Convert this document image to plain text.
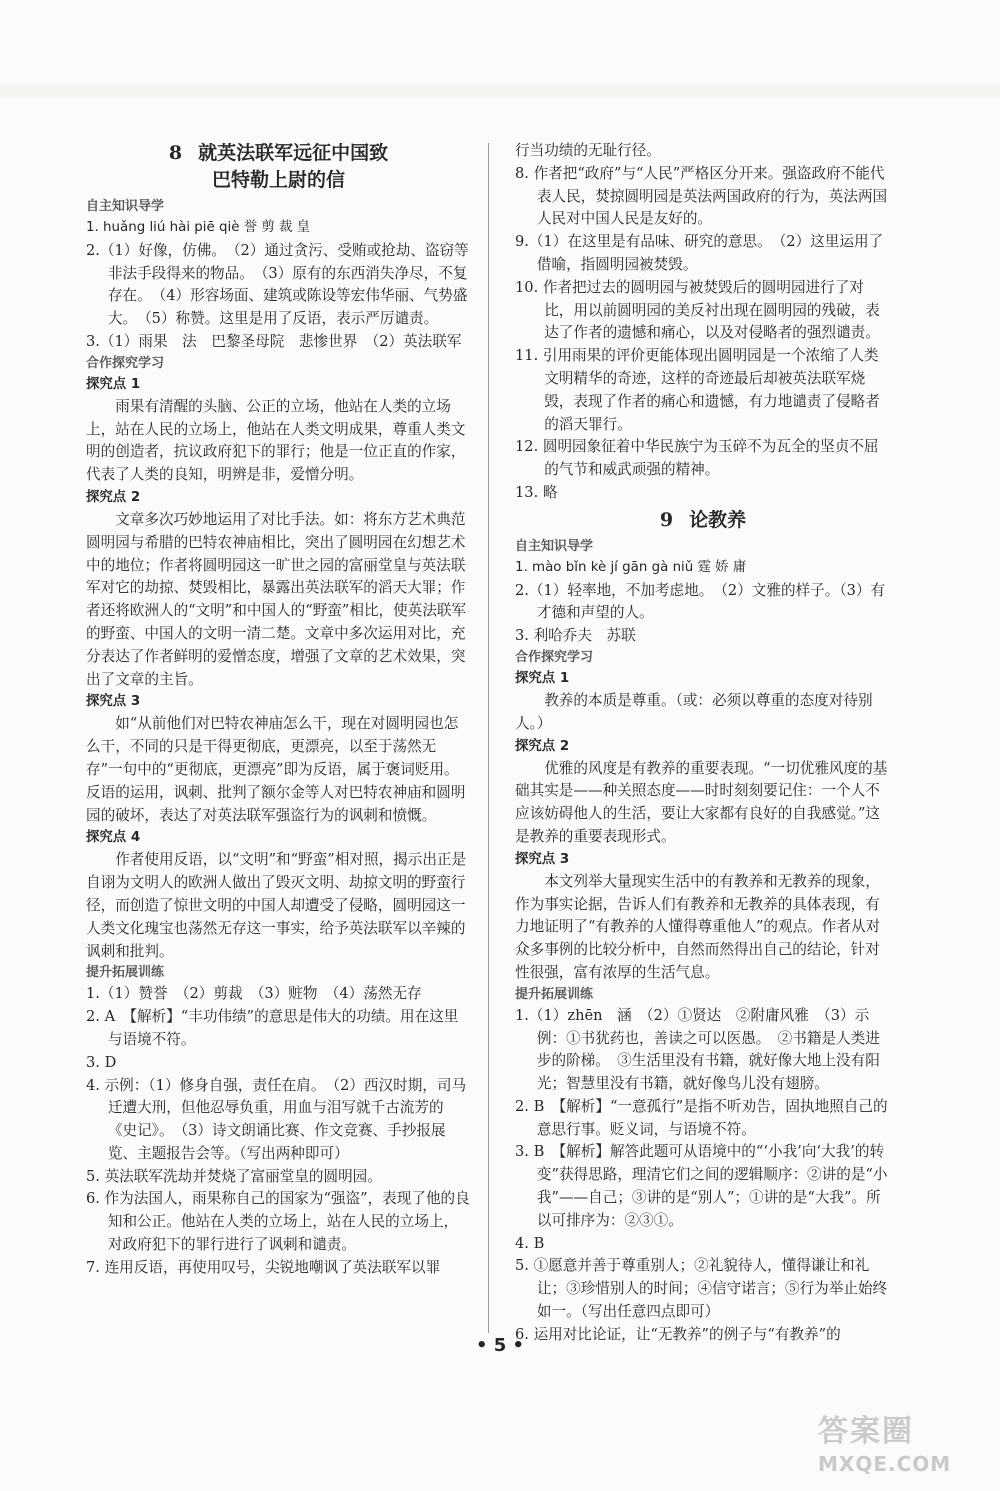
8 就英法联军远征中国致
巴特勒上尉的信
自主知识导学

1. huǎng liú hài piē qiè 誉 剪 裁 皇

2.（1）好像，仿佛。　（2）通过贪污、受贿或抢劫、盗窃等非法手段得来的物品。　（3）原有的东西消失净尽，不复存在。　（4）形容场面、建筑或陈设等宏伟华丽、气势盛大。　（5）称赞。这里是用了反语，表示严厉谴责。

3.（1）雨果　法　巴黎圣母院　悲惨世界　（2）英法联军

合作探究学习
探究点 1

雨果有清醒的头脑、公正的立场，他站在人类的立场上，站在人民的立场上，他站在人类文明成果，尊重人类文明的创造者，抗议政府犯下的罪行；他是一位正直的作家，代表了人类的良知，明辨是非，爱憎分明。

探究点 2

文章多次巧妙地运用了对比手法。如：将东方艺术典范圆明园与希腊的巴特农神庙相比，突出了圆明园在幻想艺术中的地位；作者将圆明园这一旷世之园的富丽堂皇与英法联军对它的劫掠、焚毁相比，暴露出英法联军的滔天大罪；作者还将欧洲人的“文明”和中国人的“野蛮”相比，使英法联军的野蛮、中国人的文明一清二楚。文章中多次运用对比，充分表达了作者鲜明的爱憎态度，增强了文章的艺术效果，突出了文章的主旨。

探究点 3

如“从前他们对巴特农神庙怎么干，现在对圆明园也怎么干，不同的只是干得更彻底，更漂亮，以至于荡然无存”一句中的“更彻底，更漂亮”即为反语，属于褒词贬用。反语的运用，讽刺、批判了额尔金等人对巴特农神庙和圆明园的破坏，表达了对英法联军强盗行为的讽刺和愤慨。

探究点 4

作者使用反语，以“文明”和“野蛮”相对照，揭示出正是自诩为文明人的欧洲人做出了毁灭文明、劫掠文明的野蛮行径，而创造了惊世文明的中国人却遭受了侵略，圆明园这一人类文化瑰宝也荡然无存这一事实，给予英法联军以辛辣的讽刺和批判。

提升拓展训练

1.（1）赞誉　（2）剪裁　（3）赃物　（4）荡然无存

2. A　【解析】“丰功伟绩”的意思是伟大的功绩。用在这里与语境不符。

3. D

4. 示例：（1）修身自强，责任在肩。　（2）西汉时期，司马迁遭大刑，但他忍辱负重，用血与泪写就千古流芳的《史记》。　（3）诗文朗诵比赛、作文竞赛、手抄报展览、主题报告会等。（写出两种即可）

5. 英法联军洗劫并焚烧了富丽堂皇的圆明园。

6. 作为法国人，雨果称自己的国家为“强盗”，表现了他的良知和公正。他站在人类的立场上，站在人民的立场上，对政府犯下的罪行进行了讽刺和谴责。

7. 连用反语，再使用叹号，尖锐地嘲讽了英法联军以罪

行当功绩的无耻行径。

8. 作者把“政府”与“人民”严格区分开来。强盗政府不能代表人民，焚掠圆明园是英法两国政府的行为，英法两国人民对中国人民是友好的。

9.（1）在这里是有品味、研究的意思。　（2）这里运用了借喻，指圆明园被焚毁。

10. 作者把过去的圆明园与被焚毁后的圆明园进行了对比，用以前圆明园的美反衬出现在圆明园的残破，表达了作者的遗憾和痛心，以及对侵略者的强烈谴责。

11. 引用雨果的评价更能体现出圆明园是一个浓缩了人类文明精华的奇迹，这样的奇迹最后却被英法联军烧毁，表现了作者的痛心和遗憾，有力地谴责了侵略者的滔天罪行。

12. 圆明园象征着中华民族宁为玉碎不为瓦全的坚贞不屈的气节和威武顽强的精神。

13. 略

9 论教养
自主知识导学

1. mào bǐn kè jí gān gà niǔ 霆 娇 庸

2.（1）轻率地，不加考虑地。　（2）文雅的样子。（3）有才德和声望的人。

3. 利哈乔夫　苏联

合作探究学习
探究点 1

教养的本质是尊重。（或：必须以尊重的态度对待别人。）

探究点 2

优雅的风度是有教养的重要表现。“一切优雅风度的基础其实是——种关照态度——时时刻刻要记住：一个人不应该妨碍他人的生活，要让大家都有良好的自我感觉。”这是教养的重要表现形式。

探究点 3

本文列举大量现实生活中的有教养和无教养的现象，作为事实论据，告诉人们有教养和无教养的具体表现，有力地证明了“有教养的人懂得尊重他人”的观点。作者从对众多事例的比较分析中，自然而然得出自己的结论，针对性很强，富有浓厚的生活气息。

提升拓展训练

1.（1）zhēn　涵　（2）①贤达　②附庸风雅　（3）示例：①书犹药也，善读之可以医愚。　②书籍是人类进步的阶梯。　③生活里没有书籍，就好像大地上没有阳光；智慧里没有书籍，就好像鸟儿没有翅膀。

2. B　【解析】“一意孤行”是指不听劝告，固执地照自己的意思行事。贬义词，与语境不符。

3. B　【解析】解答此题可从语境中的“‘小我’向‘大我’的转变”获得思路，理清它们之间的逻辑顺序：②讲的是“小我”——自己；③讲的是“别人”；①讲的是“大我”。所以可排序为：②③①。

4. B

5. ①愿意并善于尊重别人；②礼貌待人，懂得谦让和礼让；③珍惜别人的时间；④信守诺言；⑤行为举止始终如一。（写出任意四点即可）

6. 运用对比论证，让“无教养”的例子与“有教养”的

• 5 •
答案圈
MXQE.COM
